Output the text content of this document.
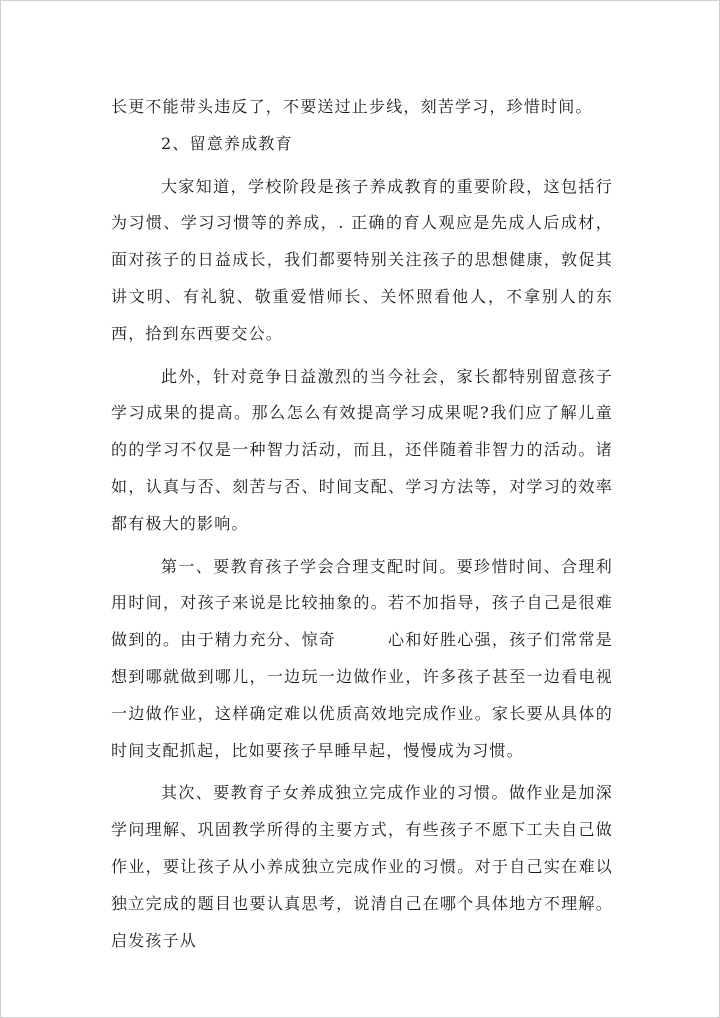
长更不能带头违反了，不要送过止步线，刻苦学习，珍惜时间。

2、留意养成教育

大家知道，学校阶段是孩子养成教育的重要阶段，这包括行为习惯、学习习惯等的养成，. 正确的育人观应是先成人后成材，面对孩子的日益成长，我们都要特别关注孩子的思想健康，敦促其讲文明、有礼貌、敬重爱惜师长、关怀照看他人，不拿别人的东西，拾到东西要交公。

此外，针对竞争日益激烈的当今社会，家长都特别留意孩子学习成果的提高。那么怎么有效提高学习成果呢?我们应了解儿童的的学习不仅是一种智力活动，而且，还伴随着非智力的活动。诸如，认真与否、刻苦与否、时间支配、学习方法等，对学习的效率都有极大的影响。

第一、要教育孩子学会合理支配时间。要珍惜时间、合理利用时间，对孩子来说是比较抽象的。若不加指导，孩子自己是很难做到的。由于精力充分、惊奇　　　心和好胜心强，孩子们常常是想到哪就做到哪儿，一边玩一边做作业，许多孩子甚至一边看电视一边做作业，这样确定难以优质高效地完成作业。家长要从具体的时间支配抓起，比如要孩子早睡早起，慢慢成为习惯。

其次、要教育子女养成独立完成作业的习惯。做作业是加深学问理解、巩固教学所得的主要方式，有些孩子不愿下工夫自己做作业，要让孩子从小养成独立完成作业的习惯。对于自己实在难以独立完成的题目也要认真思考，说清自己在哪个具体地方不理解。启发孩子从
